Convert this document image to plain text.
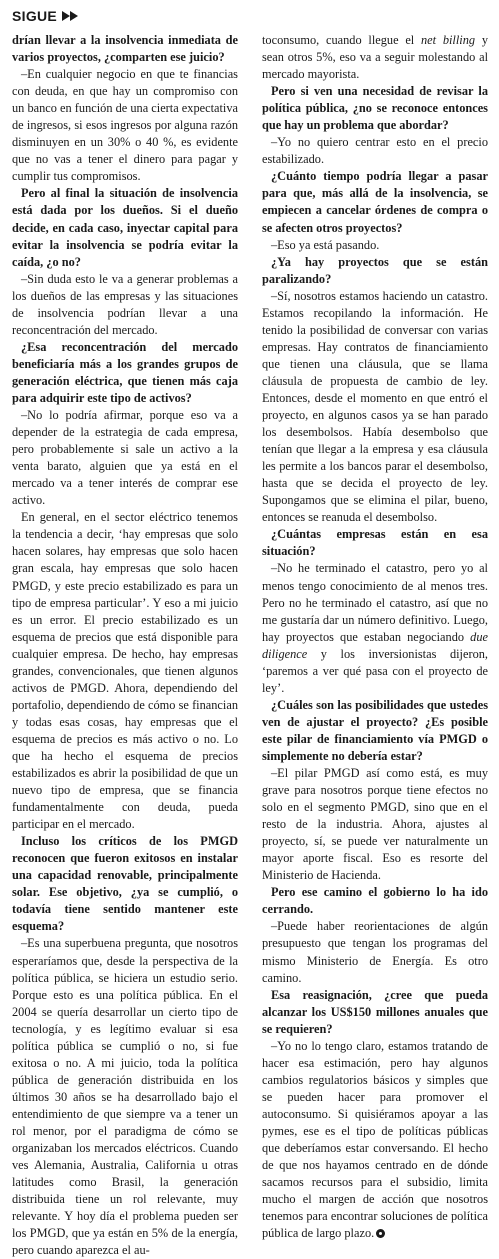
SIGUE

drían llevar a la insolvencia inmediata de varios proyectos, ¿comparten ese juicio?

–En cualquier negocio en que te financias con deuda, en que hay un compromiso con un banco en función de una cierta expectativa de ingresos, si esos ingresos por alguna razón disminuyen en un 30% o 40 %, es evidente que no vas a tener el dinero para pagar y cumplir tus compromisos.

Pero al final la situación de insolvencia está dada por los dueños. Si el dueño decide, en cada caso, inyectar capital para evitar la insolvencia se podría evitar la caída, ¿o no?

–Sin duda esto le va a generar problemas a los dueños de las empresas y las situaciones de insolvencia podrían llevar a una reconcentración del mercado.

¿Esa reconcentración del mercado beneficiaría más a los grandes grupos de generación eléctrica, que tienen más caja para adquirir este tipo de activos?

–No lo podría afirmar, porque eso va a depender de la estrategia de cada empresa, pero probablemente si sale un activo a la venta barato, alguien que ya está en el mercado va a tener interés de comprar ese activo.

En general, en el sector eléctrico tenemos la tendencia a decir, ‘hay empresas que solo hacen solares, hay empresas que solo hacen gran escala, hay empresas que solo hacen PMGD, y este precio estabilizado es para un tipo de empresa particular’. Y eso a mi juicio es un error. El precio estabilizado es un esquema de precios que está disponible para cualquier empresa. De hecho, hay empresas grandes, convencionales, que tienen algunos activos de PMGD. Ahora, dependiendo del portafolio, dependiendo de cómo se financian y todas esas cosas, hay empresas que el esquema de precios es más activo o no. Lo que ha hecho el esquema de precios estabilizados es abrir la posibilidad de que un nuevo tipo de empresa, que se financia fundamentalmente con deuda, pueda participar en el mercado.

Incluso los críticos de los PMGD reconocen que fueron exitosos en instalar una capacidad renovable, principalmente solar. Ese objetivo, ¿ya se cumplió, o todavía tiene sentido mantener este esquema?

–Es una superbuena pregunta, que nosotros esperaríamos que, desde la perspectiva de la política pública, se hiciera un estudio serio. Porque esto es una política pública. En el 2004 se quería desarrollar un cierto tipo de tecnología, y es legítimo evaluar si esa política pública se cumplió o no, si fue exitosa o no. A mi juicio, toda la política pública de generación distribuida en los últimos 30 años se ha desarrollado bajo el entendimiento de que siempre va a tener un rol menor, por el paradigma de cómo se organizaban los mercados eléctricos. Cuando ves Alemania, Australia, California u otras latitudes como Brasil, la generación distribuida tiene un rol relevante, muy relevante. Y hoy día el problema pueden ser los PMGD, que ya están en 5% de la energía, pero cuando aparezca el au-

toconsumo, cuando llegue el net billing y sean otros 5%, eso va a seguir molestando al mercado mayorista.

Pero si ven una necesidad de revisar la política pública, ¿no se reconoce entonces que hay un problema que abordar?

–Yo no quiero centrar esto en el precio estabilizado.

¿Cuánto tiempo podría llegar a pasar para que, más allá de la insolvencia, se empiecen a cancelar órdenes de compra o se afecten otros proyectos?

–Eso ya está pasando.

¿Ya hay proyectos que se están paralizando?

–Sí, nosotros estamos haciendo un catastro. Estamos recopilando la información. He tenido la posibilidad de conversar con varias empresas. Hay contratos de financiamiento que tienen una cláusula, que se llama cláusula de propuesta de cambio de ley. Entonces, desde el momento en que entró el proyecto, en algunos casos ya se han parado los desembolsos. Había desembolso que tenían que llegar a la empresa y esa cláusula les permite a los bancos parar el desembolso, hasta que se decida el proyecto de ley. Supongamos que se elimina el pilar, bueno, entonces se reanuda el desembolso.

¿Cuántas empresas están en esa situación?

–No he terminado el catastro, pero yo al menos tengo conocimiento de al menos tres. Pero no he terminado el catastro, así que no me gustaría dar un número definitivo. Luego, hay proyectos que estaban negociando due diligence y los inversionistas dijeron, ‘paremos a ver qué pasa con el proyecto de ley’.

¿Cuáles son las posibilidades que ustedes ven de ajustar el proyecto? ¿Es posible este pilar de financiamiento vía PMGD o simplemente no debería estar?

–El pilar PMGD así como está, es muy grave para nosotros porque tiene efectos no solo en el segmento PMGD, sino que en el resto de la industria. Ahora, ajustes al proyecto, sí, se puede ver naturalmente un mayor aporte fiscal. Eso es resorte del Ministerio de Hacienda.

Pero ese camino el gobierno lo ha ido cerrando.

–Puede haber reorientaciones de algún presupuesto que tengan los programas del mismo Ministerio de Energía. Es otro camino.

Esa reasignación, ¿cree que pueda alcanzar los US$150 millones anuales que se requieren?

–Yo no lo tengo claro, estamos tratando de hacer esa estimación, pero hay algunos cambios regulatorios básicos y simples que se pueden hacer para promover el autoconsumo. Si quisiéramos apoyar a las pymes, ese es el tipo de políticas públicas que deberíamos estar conversando. El hecho de que nos hayamos centrado en de dónde sacamos recursos para el subsidio, limita mucho el margen de acción que nosotros tenemos para encontrar soluciones de política pública de largo plazo.
